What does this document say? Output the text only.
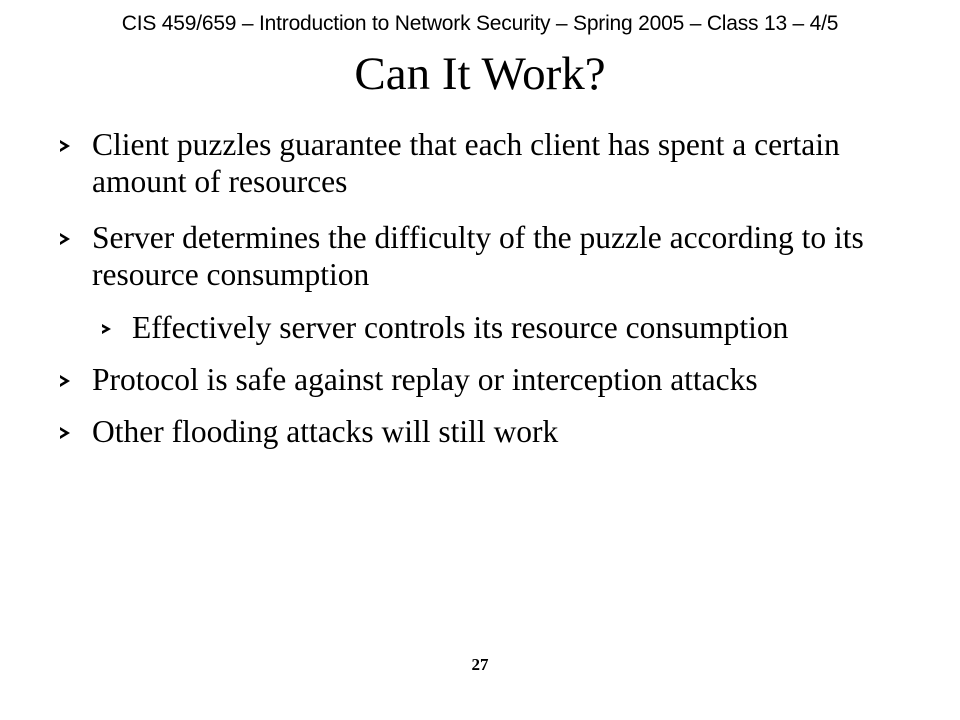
CIS 459/659 – Introduction to Network Security – Spring 2005 – Class 13 – 4/5
Can It Work?
Client puzzles guarantee that each client has spent a certain amount of resources
Server determines the difficulty of the puzzle according to its resource consumption
Effectively server controls its resource consumption
Protocol is safe against replay or interception attacks
Other flooding attacks will still work
27
